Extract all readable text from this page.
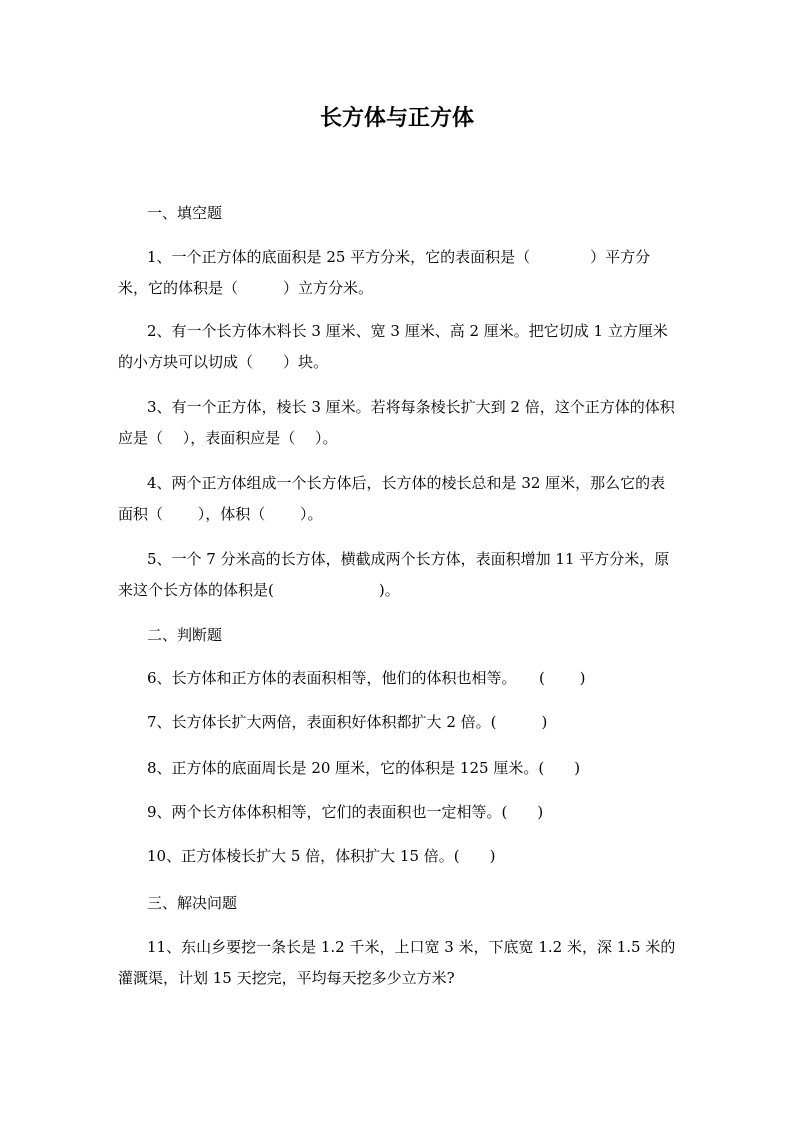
长方体与正方体
一、填空题
1、一个正方体的底面积是 25 平方分米，它的表面积是（　　　　）平方分米，它的体积是（　　　）立方分米。
2、有一个长方体木料长 3 厘米、宽 3 厘米、高 2 厘米。把它切成 1 立方厘米的小方块可以切成（　　）块。
3、有一个正方体，棱长 3 厘米。若将每条棱长扩大到 2 倍，这个正方体的体积应是（　 ），表面积应是（　 ）。
4、两个正方体组成一个长方体后，长方体的棱长总和是 32 厘米，那么它的表面积（　　 ），体积（　　 ）。
5、一个 7 分米高的长方体，横截成两个长方体，表面积增加 11 平方分米，原来这个长方体的体积是(　　　　　　　)。
二、判断题
6、长方体和正方体的表面积相等，他们的体积也相等。　　(　　 )
7、长方体长扩大两倍，表面积好体积都扩大 2 倍。(　　　)
8、正方体的底面周长是 20 厘米，它的体积是 125 厘米。(　　)
9、两个长方体体积相等，它们的表面积也一定相等。(　　)
10、正方体棱长扩大 5 倍，体积扩大 15 倍。(　　)
三、解决问题
11、东山乡要挖一条长是 1.2 千米，上口宽 3 米，下底宽 1.2 米，深 1.5 米的灌溉渠，计划 15 天挖完，平均每天挖多少立方米?
